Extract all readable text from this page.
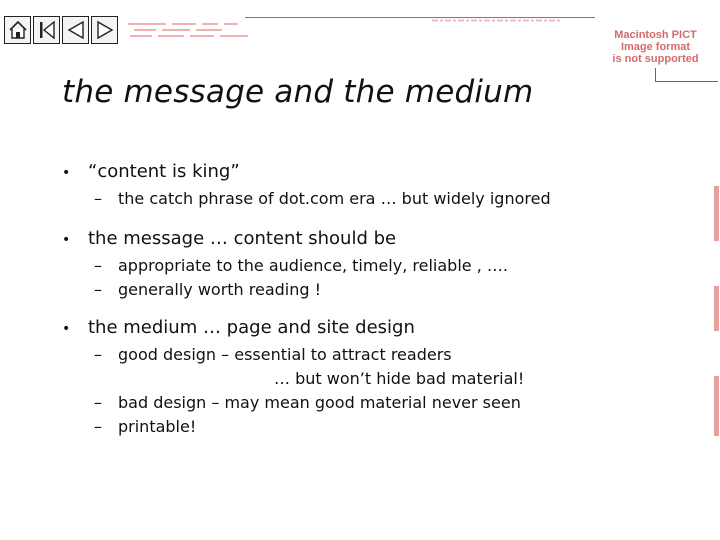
Macintosh PICT
Image format
is not supported
the message and the medium
• “content is king”
–	the catch phrase of dot.com era … but widely ignored
• the message … content should be
–	appropriate to the audience, timely, reliable , ….
–	generally worth reading !
• the medium … page and site design
–	good design – essential to attract readers
… but won’t hide bad material!
–	bad design – may mean good material never seen
–	printable!
